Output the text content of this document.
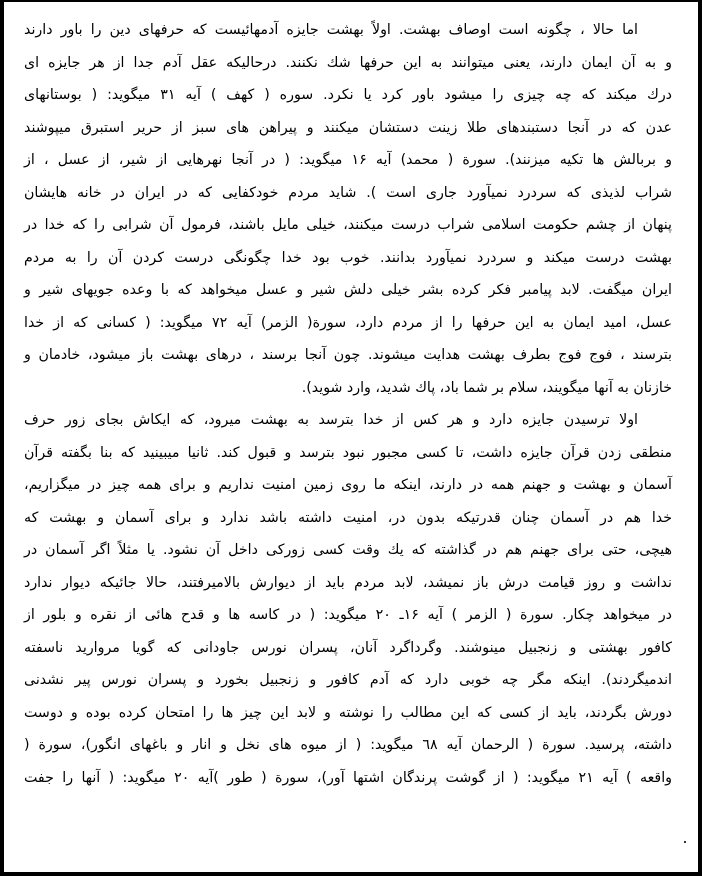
اما حالا ، چگونه است اوصاف بهشت. اولاً بهشت جایزه آدمهائیست که حرفهای دین را باور دارند
و به آن ایمان دارند، یعنی میتوانند به این حرفها شك نکنند. درحالیکه عقل آدم جدا از هر جایزه ای
درك میکند که چه چیزی را میشود باور کرد یا نکرد. سوره ( کهف ) آیه ۳۱ میگوید: ( بوستانهای
عدن که در آنجا دستبندهای طلا زینت دستشان میکنند و پیراهن های سبز از حریر استبرق میپوشند
و بربالش ها تکیه میزنند). سورة ( محمد) آیه ۱۶ میگوید: ( در آنجا نهرهایی از شیر، از عسل ، از
شراب لذیذی که سردرد نمیآورد جاری است ). شاید مردم خودکفایی که در ایران در خانه هایشان
پنهان از چشم حکومت اسلامی شراب درست میکنند، خیلی مایل باشند، فرمول آن شرابی را که خدا در
بهشت درست میکند و سردرد نمیآورد بدانند. خوب بود خدا چگونگی درست کردن آن را به مردم
ایران میگفت. لابد پیامبر فکر کرده بشر خیلی دلش شیر و عسل میخواهد که با وعده جویهای شیر و
عسل، امید ایمان به این حرفها را از مردم دارد، سورة( الزمر) آیه ۷۲ میگوید: ( کسانی که از خدا
بترسند ، فوج فوج بطرف بهشت هدایت میشوند. چون آنجا برسند ، درهای بهشت باز میشود، خادمان و
خازنان به آنها میگویند، سلام بر شما باد، پاك شدید، وارد شوید).
اولا ترسیدن جایزه دارد و هر کس از خدا بترسد به بهشت میرود، که ایکاش بجای زور حرف
منطقی زدن قرآن جایزه داشت، تا کسی مجبور نبود بترسد و قبول کند. ثانیا میبینید که بنا بگفته قرآن
آسمان و بهشت و جهنم همه در دارند، اینکه ما روی زمین امنیت نداریم و برای همه چیز در میگزاریم،
خدا هم در آسمان چنان قدرتیکه بدون در، امنیت داشته باشد ندارد و برای آسمان و بهشت که
هیچی، حتی برای جهنم هم در گذاشته که یك وقت کسی زورکی داخل آن نشود. یا مثلاً اگر آسمان در
نداشت و روز قیامت درش باز نمیشد، لابد مردم باید از دیوارش بالامیرفتند، حالا جائیکه دیوار ندارد
در میخواهد چکار. سورة ( الزمر ) آیه ۱۶ـ ۲۰ میگوید: ( در کاسه ها و قدح هائی از نقره و بلور از
کافور بهشتی و زنجبیل مینوشند. وگرداگرد آنان، پسران نورس جاودانی که گویا مروارید ناسفته
اندمیگردند). اینکه مگر چه خوبی دارد که آدم کافور و زنجبیل بخورد و پسران نورس پیر نشدنی
دورش بگردند، باید از کسی که این مطالب را نوشته و لابد این چیز ها را امتحان کرده بوده و دوست
داشته، پرسید. سورة ( الرحمان آیه ٦٨ میگوید: ( از میوه های نخل و انار و باغهای انگور)، سورة (
واقعه ) آیه ۲۱ میگوید: ( از گوشت پرندگان اشتها آور)، سورة ( طور )آیه ۲۰ میگوید: ( آنها را جفت
